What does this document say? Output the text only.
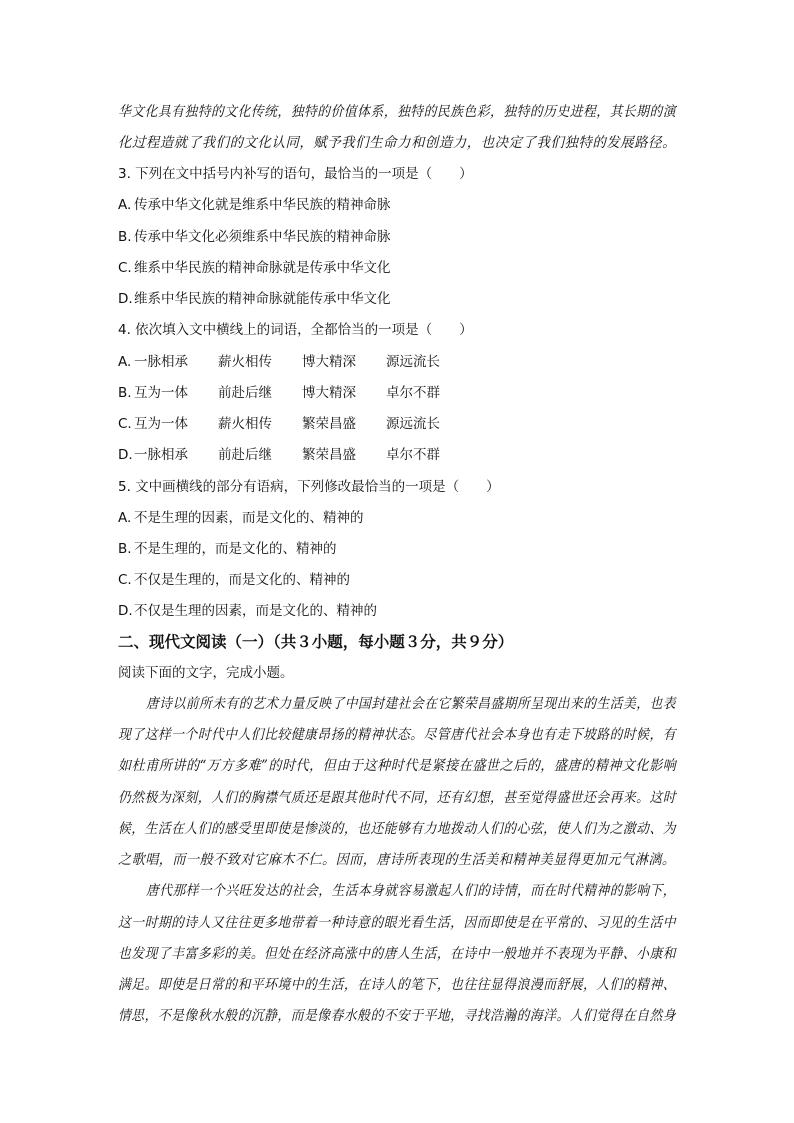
华文化具有独特的文化传统，独特的价值体系，独特的民族色彩，独特的历史进程，其长期的演
化过程造就了我们的文化认同，赋予我们生命力和创造力，也决定了我们独特的发展路径。
3. 下列在文中括号内补写的语句，最恰当的一项是（　　）
A. 传承中华文化就是维系中华民族的精神命脉
B. 传承中华文化必须维系中华民族的精神命脉
C. 维系中华民族的精神命脉就是传承中华文化
D.维系中华民族的精神命脉就能传承中华文化
4. 依次填入文中横线上的词语，全都恰当的一项是（　　）
A. 一脉相承 薪火相传 博大精深 源远流长
B. 互为一体 前赴后继 博大精深 卓尔不群
C. 互为一体 薪火相传 繁荣昌盛 源远流长
D. 一脉相承 前赴后继 繁荣昌盛 卓尔不群
5. 文中画横线的部分有语病，下列修改最恰当的一项是（　　）
A. 不是生理的因素，而是文化的、精神的
B. 不是生理的，而是文化的、精神的
C. 不仅是生理的，而是文化的、精神的
D.不仅是生理的因素，而是文化的、精神的
二、现代文阅读（一）（共３小题，每小题３分，共９分）
阅读下面的文字，完成小题。
唐诗以前所未有的艺术力量反映了中国封建社会在它繁荣昌盛期所呈现出来的生活美，也表
现了这样一个时代中人们比较健康昂扬的精神状态。尽管唐代社会本身也有走下坡路的时候，有
如杜甫所讲的“万方多难”的时代，但由于这种时代是紧接在盛世之后的，盛唐的精神文化影响
仍然极为深刻，人们的胸襟气质还是跟其他时代不同，还有幻想，甚至觉得盛世还会再来。这时
候，生活在人们的感受里即使是惨淡的，也还能够有力地拨动人们的心弦，使人们为之激动、为
之歌唱，而一般不致对它麻木不仁。因而，唐诗所表现的生活美和精神美显得更加元气淋漓。
唐代那样一个兴旺发达的社会，生活本身就容易激起人们的诗情，而在时代精神的影响下，
这一时期的诗人又往往更多地带着一种诗意的眼光看生活，因而即使是在平常的、习见的生活中
也发现了丰富多彩的美。但处在经济高涨中的唐人生活，在诗中一般地并不表现为平静、小康和
满足。即使是日常的和平环境中的生活，在诗人的笔下，也往往显得浪漫而舒展，人们的精神、
情思，不是像秋水般的沉静，而是像春水般的不安于平地，寻找浩瀚的海洋。人们觉得在自然身
